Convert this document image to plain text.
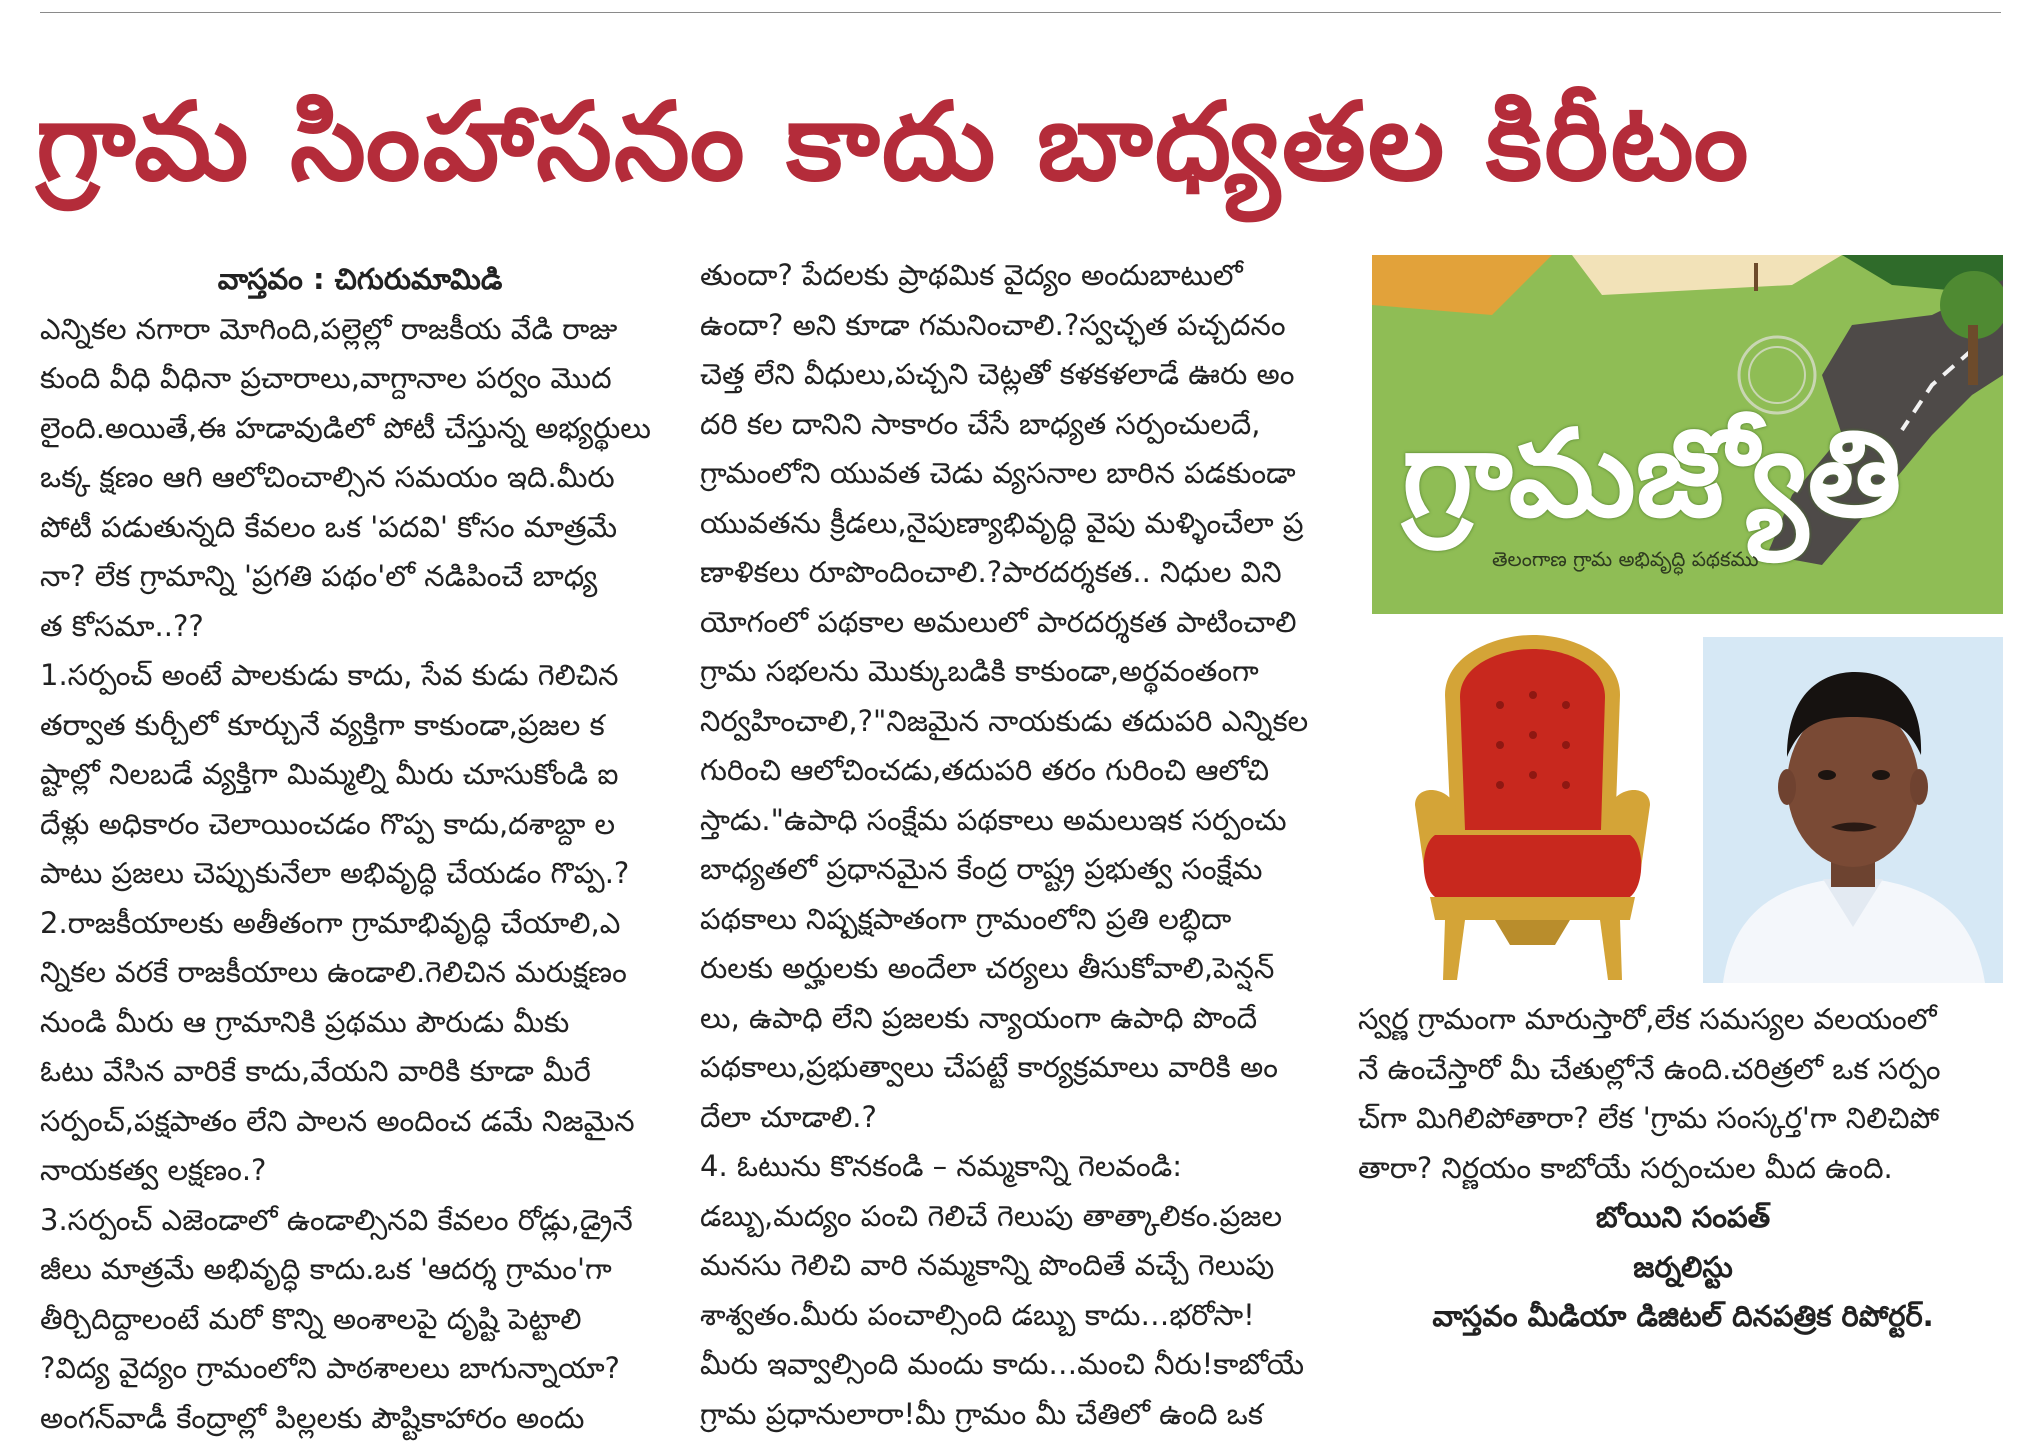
గ్రామ సింహాసనం కాదు బాధ్యతల కిరీటం
వాస్తవం : చిగురుమామిడి
ఎన్నికల నగారా మోగింది,పల్లెల్లో రాజకీయ వేడి రాజు
కుంది వీధి వీధినా ప్రచారాలు,వాగ్దానాల పర్వం మొద
లైంది.అయితే,ఈ హడావుడిలో పోటీ చేస్తున్న అభ్యర్థులు
ఒక్క క్షణం ఆగి ఆలోచించాల్సిన సమయం ఇది.మీరు
పోటీ పడుతున్నది కేవలం ఒక 'పదవి' కోసం మాత్రమే
నా? లేక గ్రామాన్ని 'ప్రగతి పథం'లో నడిపించే బాధ్య
త కోసమా..??
1.సర్పంచ్ అంటే పాలకుడు కాదు, సేవ కుడు గెలిచిన
తర్వాత కుర్చీలో కూర్చునే వ్యక్తిగా కాకుండా,ప్రజల క
ష్టాల్లో నిలబడే వ్యక్తిగా మిమ్మల్ని మీరు చూసుకోండి ఐ
దేళ్లు అధికారం చెలాయించడం గొప్ప కాదు,దశాబ్దా ల
పాటు ప్రజలు చెప్పుకునేలా అభివృద్ధి చేయడం గొప్ప.?
2.రాజకీయాలకు అతీతంగా గ్రామాభివృద్ధి చేయాలి,ఎ
న్నికల వరకే రాజకీయాలు ఉండాలి.గెలిచిన మరుక్షణం
నుండి మీరు ఆ గ్రామానికి ప్రథము పౌరుడు మీకు
ఓటు వేసిన వారికే కాదు,వేయని వారికి కూడా మీరే
సర్పంచ్,పక్షపాతం లేని పాలన అందించ డమే నిజమైన
నాయకత్వ లక్షణం.?
3.సర్పంచ్ ఎజెండాలో ఉండాల్సినవి కేవలం రోడ్లు,డ్రైనే
జీలు మాత్రమే అభివృద్ధి కాదు.ఒక 'ఆదర్శ గ్రామం'గా
తీర్చిదిద్దాలంటే మరో కొన్ని అంశాలపై దృష్టి పెట్టాలి
?విద్య వైద్యం గ్రామంలోని పాఠశాలలు బాగున్నాయా?
అంగన్‌వాడీ కేంద్రాల్లో పిల్లలకు పౌష్టికాహారం అందు
తుందా? పేదలకు ప్రాథమిక వైద్యం అందుబాటులో
ఉందా? అని కూడా గమనించాలి.?స్వచ్ఛత పచ్చదనం
చెత్త లేని వీధులు,పచ్చని చెట్లతో కళకళలాడే ఊరు అం
దరి కల దానిని సాకారం చేసే బాధ్యత సర్పంచులదే,
గ్రామంలోని యువత చెడు వ్యసనాల బారిన పడకుండా
యువతను క్రీడలు,నైపుణ్యాభివృద్ధి వైపు మళ్ళించేలా ప్ర
ణాళికలు రూపొందించాలి.?పారదర్శకత.. నిధుల విని
యోగంలో పథకాల అమలులో పారదర్శకత పాటించాలి
గ్రామ సభలను మొక్కుబడికి కాకుండా,అర్థవంతంగా
నిర్వహించాలి,?"నిజమైన నాయకుడు తదుపరి ఎన్నికల
గురించి ఆలోచించడు,తదుపరి తరం గురించి ఆలోచి
స్తాడు."ఉపాధి సంక్షేమ పథకాలు అమలుఇక సర్పంచు
బాధ్యతలో ప్రధానమైన కేంద్ర రాష్ట్ర ప్రభుత్వ సంక్షేమ
పథకాలు నిష్పక్షపాతంగా గ్రామంలోని ప్రతి లబ్ధిదా
రులకు అర్హులకు అందేలా చర్యలు తీసుకోవాలి,పెన్షన్
లు, ఉపాధి లేని ప్రజలకు న్యాయంగా ఉపాధి పొందే
పథకాలు,ప్రభుత్వాలు చేపట్టే కార్యక్రమాలు వారికి అం
దేలా చూడాలి.?
4. ఓటును కొనకండి – నమ్మకాన్ని గెలవండి:
డబ్బు,మద్యం పంచి గెలిచే గెలుపు తాత్కాలికం.ప్రజల
మనసు గెలిచి వారి నమ్మకాన్ని పొందితే వచ్చే గెలుపు
శాశ్వతం.మీరు పంచాల్సింది డబ్బు కాదు…భరోసా!
మీరు ఇవ్వాల్సింది మందు కాదు…మంచి నీరు!కాబోయే
గ్రామ ప్రధానులారా!మీ గ్రామం మీ చేతిలో ఉంది ఒక
గ్రామజ్యోతి
తెలంగాణ గ్రామ అభివృద్ధి పథకము
స్వర్ణ గ్రామంగా మారుస్తారో,లేక సమస్యల వలయంలో
నే ఉంచేస్తారో మీ చేతుల్లోనే ఉంది.చరిత్రలో ఒక సర్పం
చ్‌గా మిగిలిపోతారా? లేక 'గ్రామ సంస్కర్త'గా నిలిచిపో
తారా? నిర్ణయం కాబోయే సర్పంచుల మీద ఉంది.
బోయిని సంపత్
జర్నలిస్టు
వాస్తవం మీడియా డిజిటల్ దినపత్రిక రిపోర్టర్.
